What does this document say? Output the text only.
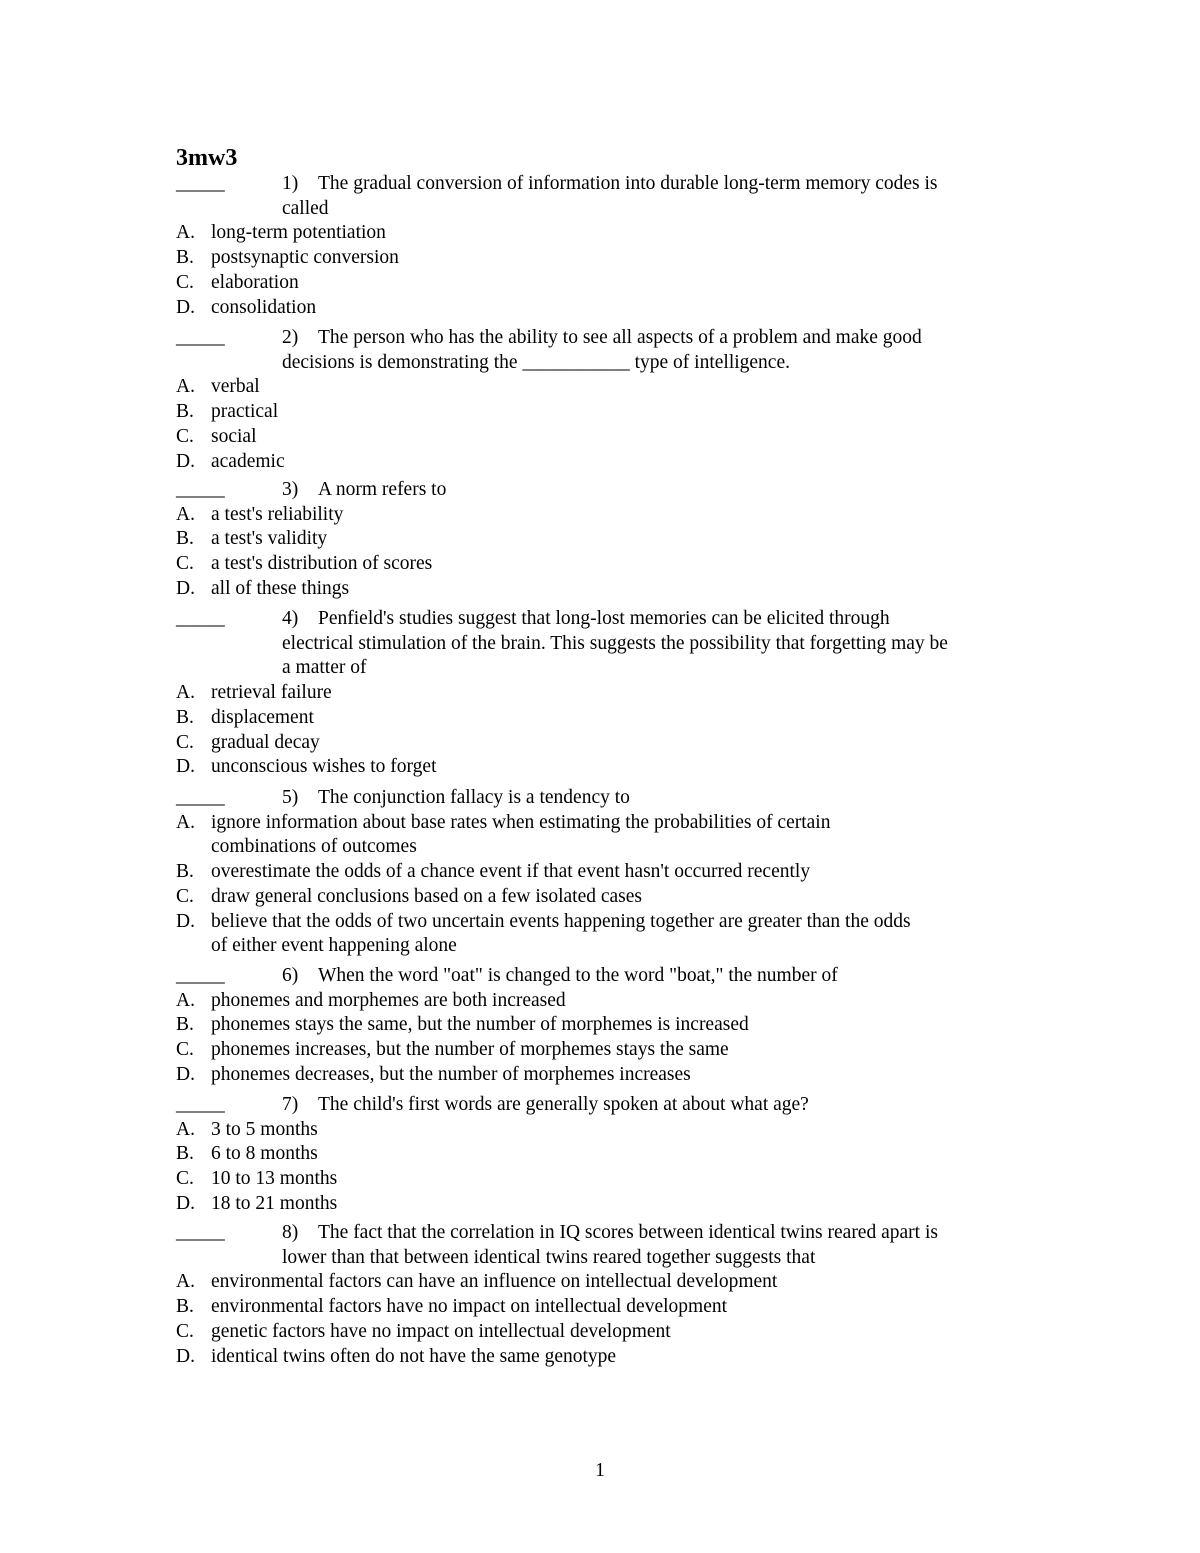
3mw3
_____	1) The gradual conversion of information into durable long-term memory codes is
called
A. long-term potentiation
B. postsynaptic conversion
C. elaboration
D. consolidation
_____	2) The person who has the ability to see all aspects of a problem and make good
decisions is demonstrating the ___________ type of intelligence.
A. verbal
B. practical
C. social
D. academic
_____	3) A norm refers to
A. a test's reliability
B. a test's validity
C. a test's distribution of scores
D. all of these things
_____	4) Penfield's studies suggest that long-lost memories can be elicited through
electrical stimulation of the brain. This suggests the possibility that forgetting may be
a matter of
A. retrieval failure
B. displacement
C. gradual decay
D. unconscious wishes to forget
_____	5) The conjunction fallacy is a tendency to
A. ignore information about base rates when estimating the probabilities of certain
combinations of outcomes
B. overestimate the odds of a chance event if that event hasn't occurred recently
C. draw general conclusions based on a few isolated cases
D. believe that the odds of two uncertain events happening together are greater than the odds
of either event happening alone
_____	6) When the word "oat" is changed to the word "boat," the number of
A. phonemes and morphemes are both increased
B. phonemes stays the same, but the number of morphemes is increased
C. phonemes increases, but the number of morphemes stays the same
D. phonemes decreases, but the number of morphemes increases
_____	7) The child's first words are generally spoken at about what age?
A. 3 to 5 months
B. 6 to 8 months
C. 10 to 13 months
D. 18 to 21 months
_____	8) The fact that the correlation in IQ scores between identical twins reared apart is
lower than that between identical twins reared together suggests that
A. environmental factors can have an influence on intellectual development
B. environmental factors have no impact on intellectual development
C. genetic factors have no impact on intellectual development
D. identical twins often do not have the same genotype
1
